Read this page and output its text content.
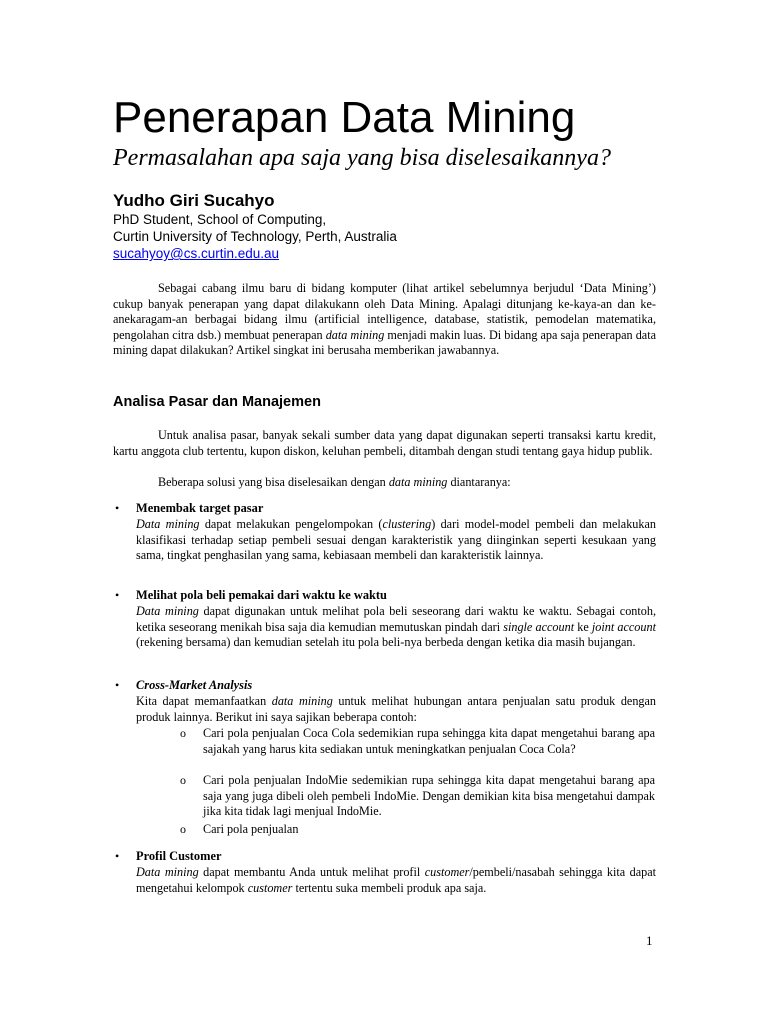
Penerapan Data Mining
Permasalahan apa saja yang bisa diselesaikannya?
Yudho Giri Sucahyo
PhD Student, School of Computing,
Curtin University of Technology, Perth, Australia
sucahyoy@cs.curtin.edu.au
Sebagai cabang ilmu baru di bidang komputer (lihat artikel sebelumnya berjudul ‘Data Mining’) cukup banyak penerapan yang dapat dilakukann oleh Data Mining. Apalagi ditunjang ke-kaya-an dan ke-anekaragam-an berbagai bidang ilmu (artificial intelligence, database, statistik, pemodelan matematika, pengolahan citra dsb.) membuat penerapan data mining menjadi makin luas. Di bidang apa saja penerapan data mining dapat dilakukan? Artikel singkat ini berusaha memberikan jawabannya.
Analisa Pasar dan Manajemen
Untuk analisa pasar, banyak sekali sumber data yang dapat digunakan seperti transaksi kartu kredit, kartu anggota club tertentu, kupon diskon, keluhan pembeli, ditambah dengan studi tentang gaya hidup publik.
Beberapa solusi yang bisa diselesaikan dengan data mining diantaranya:
• Menembak target pasar
Data mining dapat melakukan pengelompokan (clustering) dari model-model pembeli dan melakukan klasifikasi terhadap setiap pembeli sesuai dengan karakteristik yang diinginkan seperti kesukaan yang sama, tingkat penghasilan yang sama, kebiasaan membeli dan karakteristik lainnya.
• Melihat pola beli pemakai dari waktu ke waktu
Data mining dapat digunakan untuk melihat pola beli seseorang dari waktu ke waktu. Sebagai contoh, ketika seseorang menikah bisa saja dia kemudian memutuskan pindah dari single account ke joint account (rekening bersama) dan kemudian setelah itu pola beli-nya berbeda dengan ketika dia masih bujangan.
• Cross-Market Analysis
Kita dapat memanfaatkan data mining untuk melihat hubungan antara penjualan satu produk dengan produk lainnya. Berikut ini saya sajikan beberapa contoh:
o Cari pola penjualan Coca Cola sedemikian rupa sehingga kita dapat mengetahui barang apa sajakah yang harus kita sediakan untuk meningkatkan penjualan Coca Cola?
o Cari pola penjualan IndoMie sedemikian rupa sehingga kita dapat mengetahui barang apa saja yang juga dibeli oleh pembeli IndoMie. Dengan demikian kita bisa mengetahui dampak jika kita tidak lagi menjual IndoMie.
o Cari pola penjualan
• Profil Customer
Data mining dapat membantu Anda untuk melihat profil customer/pembeli/nasabah sehingga kita dapat mengetahui kelompok customer tertentu suka membeli produk apa saja.
1
